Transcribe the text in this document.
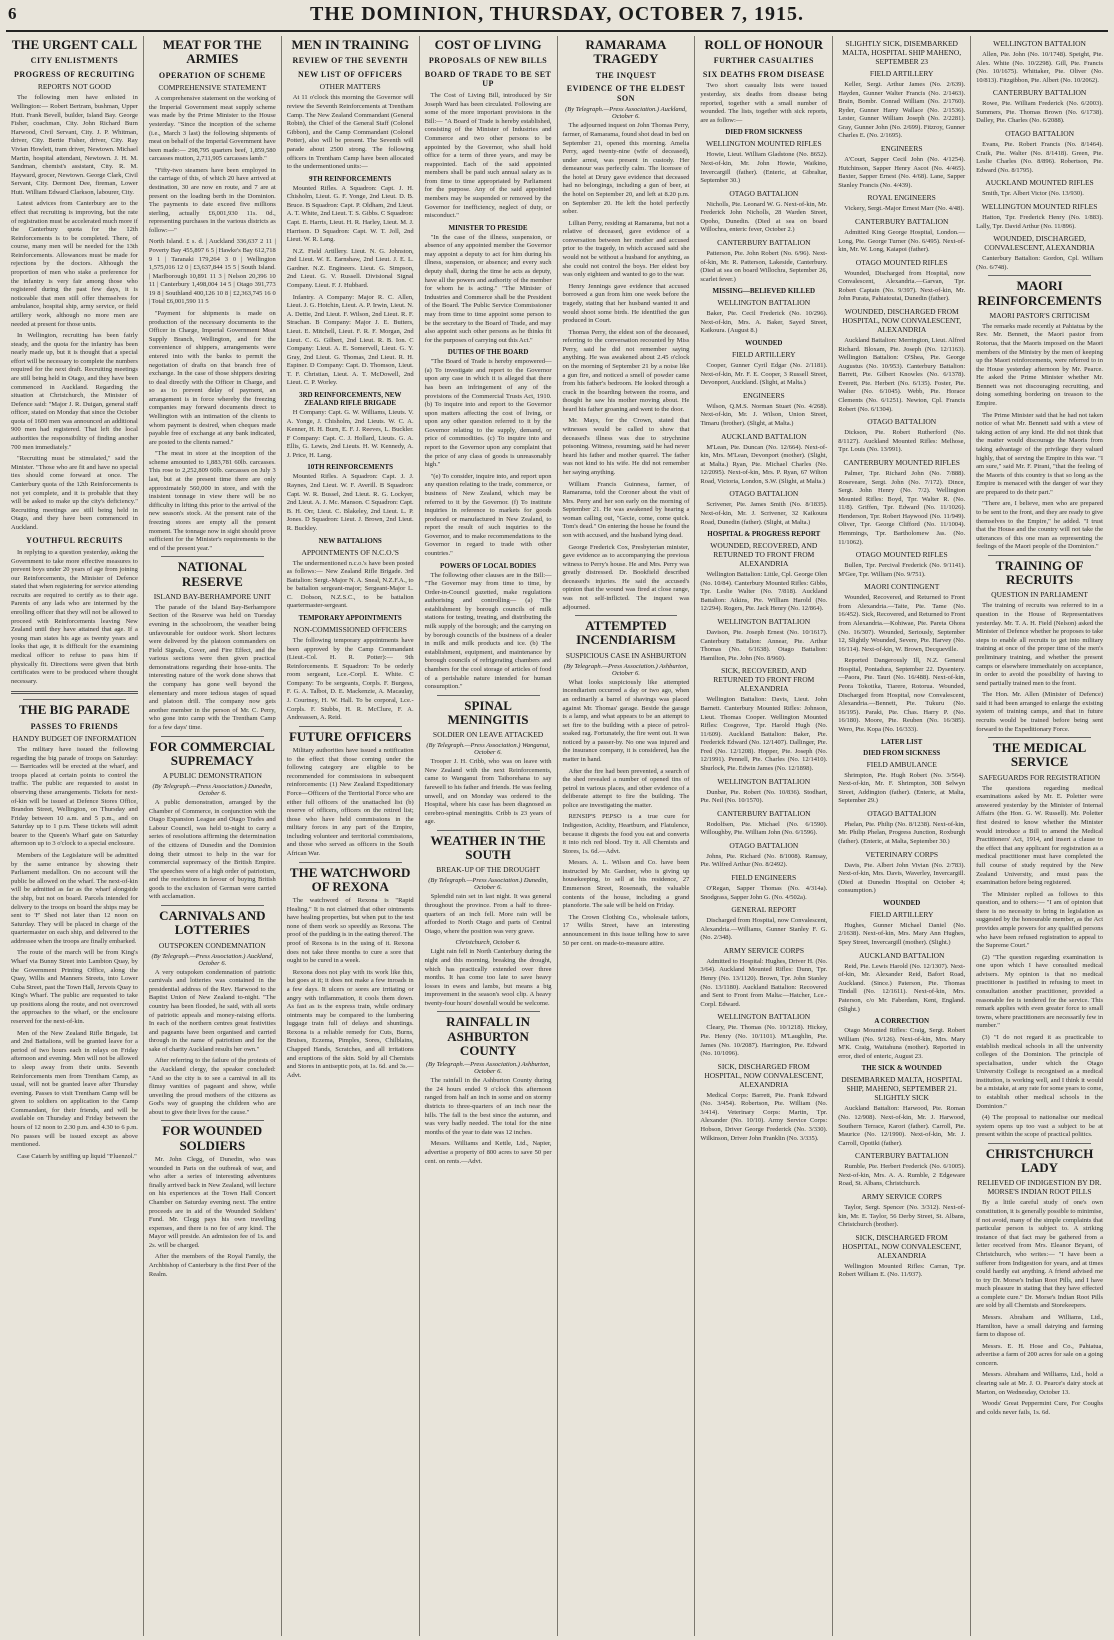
6	THE DOMINION, THURSDAY, OCTOBER 7, 1915.
THE URGENT CALL
CITY ENLISTMENTS
PROGRESS OF RECRUITING
REPORTS NOT GOOD
The following men have enlisted in Wellington:— Robert Bertram, bushman, Upper Hutt. Frank Bevell, builder, Island Bay. George Fisher, coachman, City. John Richard Burn Harwood, Civil Servant, City. J. P. Whitman, driver, City. Bertie Fisher, driver, City. Ray Vivian Howlett, tram driver, Newtown. Michael Martin, hospital attendant, Newtown. J. H. M. Sandman, chemist's assistant, City. R. M. Hayward, grocer, Newtown. George Clark, Civil Servant, City. Dermont Dee, fireman, Lower Hutt. William Edward Clarkson, labourer, City.
Latest advices from Canterbury are to the effect that recruiting is improving, but the rate of registration must be accelerated much more if the Canterbury quota for the 12th Reinforcements is to be completed. There, of course, many men will be needed for the 13th Reinforcements. Allowances must be made for rejections by the doctors. Although the proportion of men who stake a preference for the infantry is very fair among those who registered during the past few days, it is noticeable that men still offer themselves for ambulance, hospital ship, army service, or field artillery work, although no more men are needed at present for those units.
In Wellington, recruiting has been fairly steady, and the quota for the infantry has been nearly made up, but it is thought that a special effort will be necessary to complete the numbers required for the next draft. Recruiting meetings are still being held in Otago, and they have been commenced in Auckland. Regarding the situation at Christchurch, the Minister of Defence said: "Major J. R. Duigan, general staff officer, stated on Monday that since the October quota of 1600 men was announced an additional 900 men had registered. That left the local authorities the responsibility of finding another 700 men immediately."
"Recruiting must be stimulated," said the Minister. "Those who are fit and have no special ties should come forward at once. The Canterbury quota of the 12th Reinforcements is not yet complete, and it is probable that they will be asked to make up the city's deficiency." Recruiting meetings are still being held in Otago, and they have been commenced in Auckland.
YOUTHFUL RECRUITS
In replying to a question yesterday, asking the Government to take more effective measures to prevent boys under 20 years of age from joining our Reinforcements, the Minister of Defence stated that when registering for service attending recruits are required to certify as to their age. Parents of any lads who are intermed by the enrolling officer that they will not be allowed to proceed with Reinforcements leaving New Zealand until they have attained that age. If a young man states his age as twenty years and looks that age, it is difficult for the examining medical officer to refuse to pass him if physically fit. Directions were given that birth certificates were to be produced where thought necessary.
THE BIG PARADE
PASSES TO FRIENDS
HANDY BUDGET OF INFORMATION
The military have issued the following regarding the big parade of troops on Saturday:— Barricades will be erected at the wharf, and troops placed at certain points to control the traffic. The public are requested to assist in observing these arrangements. Tickets for next-of-kin will be issued at Defence Stores Office, Brandon Street, Wellington, on Thursday and Friday between 10 a.m. and 5 p.m., and on Saturday up to 1 p.m. These tickets will admit bearer to the Queen's Wharf gate on Saturday afternoon up to 3 o'clock to a special enclosure.
Members of the Legislature will be admitted by the same entrance by showing their Parliament medallion. On no account will the public be allowed on the wharf. The next-of-kin will be admitted as far as the wharf alongside the ship, but not on board. Parcels intended for delivery to the troops on board the ships may be sent to 'F' Shed not later than 12 noon on Saturday. They will be placed in charge of the quartermaster on each ship, and delivered to the addressee when the troops are finally embarked.
The route of the march will be from King's Wharf via Bunny Street into Lambton Quay, by the Government Printing Office, along the Quay, Willis and Manners Streets, into Lower Cuba Street, past the Town Hall, Jervois Quay to King's Wharf. The public are requested to take up positions along the route, and not overcrowd the approaches to the wharf, or the enclosure reserved for the next-of-kin.
Men of the New Zealand Rifle Brigade, 1st and 2nd Battalions, will be granted leave for a period of two hours each in relays on Friday afternoon and evening. Men will not be allowed to sleep away from their units. Seventh Reinforcements men from Trentham Camp, as usual, will not be granted leave after Thursday evening. Passes to visit Trentham Camp will be given to soldiers on application to the Camp Commandant, for their friends, and will be available on Thursday and Friday between the hours of 12 noon to 2.30 p.m. and 4.30 to 6 p.m. No passes will be issued except as above mentioned.
Case Catarrh by sniffing up liquid "Fluenzol."
MEAT FOR THE ARMIES
OPERATION OF SCHEME
COMPREHENSIVE STATEMENT
A comprehensive statement on the working of the Imperial Government meat supply scheme was made by the Prime Minister to the House yesterday. "Since the inception of the scheme (i.e., March 3 last) the following shipments of meat on behalf of the Imperial Government have been made:— 298,795 quarters beef, 1,859,580 carcasses mutton, 2,711,905 carcasses lamb."
"Fifty-two steamers have been employed in the carriage of this, of which 20 have arrived at destination, 30 are now en route, and 7 are at present on the loading berth in the Dominion. The payments to date exceed five millions sterling, actually £6,001,930 11s. 0d., representing purchases in the various districts as follow:—"
North Island. £ s. d. | Auckland 336,637 2 11 | Poverty Bay 455,897 6 5 | Hawke's Bay 612,718 9 1 | Taranaki 179,264 3 0 | Wellington 1,575,016 12 0 | £3,637,844 15 5 | South Island. | Marlborough 10,891 11 3 | Nelson 20,396 10 11 | Canterbury 1,498,004 14 5 | Otago 391,773 19 8 | Southland 400,126 10 8 | £2,363,745 16 0 | Total £6,001,590 11 5
"Payment for shipments is made on production of the necessary documents to the Officer in Charge, Imperial Government Meat Supply Branch, Wellington, and for the convenience of shippers, arrangements were entered into with the banks to permit the negotiation of drafts on that branch free of exchange. In the case of those shippers desiring to deal directly with the Officer in Charge, and so as to prevent delay of payment, an arrangement is in force whereby the freezing companies may forward documents direct to Wellington with an intimation of the clients to whom payment is desired, when cheques made payable free of exchange at any bank indicated, are posted to the clients named."
"The meat in store at the inception of the scheme amounted to 1,883,781 60lb. carcasses. This rose to 2,252,809 60lb. carcasses on July 3 last, but at the present time there are only approximately 560,000 in store, and with the insistent tonnage in view there will be no difficulty in lifting this prior to the arrival of the new season's stock. At the present rate of the freezing stores are empty all the present moment. The tonnage now in sight should prove sufficient for the Minister's requirements to the end of the present year."
NATIONAL RESERVE
ISLAND BAY-BERHAMPORE UNIT
The parade of the Island Bay-Berhampore Section of the Reserve was held on Tuesday evening in the schoolroom, the weather being unfavourable for outdoor work. Short lectures were delivered by the platoon commanders on Field Signals, Cover, and Fire Effect, and the various sections were then given practical demonstrations regarding their hose-units. The interesting nature of the work done shows that the company has gone well beyond the elementary and more tedious stages of squad and platoon drill. The company now gets another member in the person of Mr. C. Perry, who gone into camp with the Trentham Camp for a few days' time.
FOR COMMERCIAL SUPREMACY
A PUBLIC DEMONSTRATION
(By Telegraph.—Press Association.) Dunedin, October 6.
A public demonstration, arranged by the Chamber of Commerce, in conjunction with the Otago Expansion League and Otago Trades and Labour Council, was held to-night to carry a series of resolutions affirming the determination of the citizens of Dunedin and the Dominion doing their utmost to help in the war for commercial supremacy of the British Empire. The speeches were of a high order of patriotism, and the resolutions in favour of buying British goods to the exclusion of German were carried with acclamation.
CARNIVALS AND LOTTERIES
OUTSPOKEN CONDEMNATION
(By Telegraph.—Press Association.) Auckland, October 6.
A very outspoken condemnation of patriotic carnivals and lotteries was contained in the presidential address of the Rev. Harwood to the Baptist Union of New Zealand to-night. "The country has been flooded, he said, with all sorts of patriotic appeals and money-raising efforts. In each of the northern centres great festivities and pageants have been organised and carried through in the name of patriotism and for the sake of charity Auckland results her own."
After referring to the failure of the protests of the Auckland clergy, the speaker concluded: "And so the city is to see a carnival in all its flimsy vanities of pageant and show, while unveiling the proud mothers of the citizens as God's way of grasping the children who are about to give their lives for the cause."
FOR WOUNDED SOLDIERS
Mr. John Clegg, of Dunedin, who was wounded in Paris on the outbreak of war, and who after a series of interesting adventures finally arrived back in New Zealand, will lecture on his experiences at the Town Hall Concert Chamber on Saturday evening next. The entire proceeds are in aid of the Wounded Soldiers' Fund. Mr. Clegg pays his own travelling expenses, and there is no fee of any kind. The Mayor will preside. An admission fee of 1s. and 2s. will be charged.
After the members of the Royal Family, the Archbishop of Canterbury is the first Peer of the Realm.
MEN IN TRAINING
REVIEW OF THE SEVENTH
NEW LIST OF OFFICERS
OTHER MATTERS
At 11 o'clock this morning the Governor will review the Seventh Reinforcements at Trentham Camp. The New Zealand Commandant (General Robin), the Chief of the General Staff (Colonel Gibbon), and the Camp Commandant (Colonel Potter), also will be present. The Seventh will parade about 2500 strong. The following officers in Trentham Camp have been allocated to the undermentioned units:—
9TH REINFORCEMENTS
Mounted Rifles. A Squadron: Capt. J. H. Chisholm, Lieut. G. F. Yonge, 2nd Lieut. D. B. Bruce. B Squadron: Capt. P. Oldham, 2nd Lieut. A. T. White, 2nd Lieut. T. S. Gibbs. C Squadron: Capt. E. Harris, Lieut. H. R. Harley, Lieut. M. J. Harrison. D Squadron: Capt. W. T. Joll, 2nd Lieut. W. R. Lang.
N.Z. Field Artillery. Lieut. N. G. Johnston, 2nd Lieut. W. E. Earnshaw, 2nd Lieut. J. E. L. Gardner. N.Z. Engineers. Lieut. G. Simpson, 2nd Lieut. G. V. Russell. Divisional Signal Company. Lieut. F. J. Hubbard.
Infantry. A Company: Major R. C. Allen, Lieut. J. G. Hotchin, Lieut. A. P. Irwin, Lieut. N. A. Dettie, 2nd Lieut. F. Wilson, 2nd Lieut. R. F. Strachan. B Company: Major J. E. Butters, Lieut. E. Mitchell, Lieut. F. R. F. Morgan, 2nd Lieut. C. G. Gilbert, 2nd Lieut. R. B. Ion. C Company: Lieut. A. E. Somervell, Lieut. G. Y. Gray, 2nd Lieut. G. Thomas, 2nd Lieut. R. H. Espiner. D Company: Capt. D. Thomson, Lieut. T. F. Christian, Lieut. A. T. McDowell, 2nd Lieut. C. P. Worley.
3RD REINFORCEMENTS, NEW ZEALAND RIFLE BRIGADE
H Company: Capt. G. W. Williams, Lieuts. V. A. Yonge, J. Chisholm, 2nd Lieuts. W. C. A. Kenner, H. H. Burn, E. F. J. Reeves, L. Buckler. F Company: Capt. C. J. Hollard, Lieuts. G. A. Ellis, G. Lewis, 2nd Lieuts. H. W. Kennedy, A. J. Price, H. Lang.
10TH REINFORCEMENTS
Mounted Rifles. A Squadron: Capt. J. J. Raynes, 2nd Lieut. W. F. Averill. B Squadron: Capt. W. R. Bussel, 2nd Lieut. R. G. Lockyer, 2nd Lieut. A. J. Mc. Manson. C Squadron: Capt. B. H. Orr, Lieut. C. Blakeley, 2nd Lieut. L. P. Jones. D Squadron: Lieut. J. Brown, 2nd Lieut. R. Buckley.
NEW BATTALIONS
APPOINTMENTS OF N.C.O.'S
The undermentioned n.c.o.'s have been posted as follows:— New Zealand Rifle Brigade. 3rd Battalion: Sergt.-Major N. A. Sneal, N.Z.F.A., to be battalion sergeant-major; Sergeant-Major L. C. Dobson, N.Z.S.C., to be battalion quartermaster-sergeant.
TEMPORARY APPOINTMENTS
NON-COMMISSIONED OFFICERS
The following temporary appointments have been approved by the Camp Commandant (Lieut.-Col. H. R. Potter):— 9th Reinforcements. E Squadron: To be orderly room sergeant, Lce.-Corpl. E. White. C Company: To be sergeants, Corpls. F. Burgess, F. G. A. Talbot, D. E. Mackenzie, A. Macaulay, J. Courtney, H. W. Hall. To be corporal, Lce.-Corpls. F. Stubbs, H. R. McClure, F. A. Andreassen, A. Reid.
FUTURE OFFICERS
Military authorities have issued a notification to the effect that those coming under the following category are eligible to be recommended for commissions in subsequent reinforcements: (1) New Zealand Expeditionary Force—Officers of the Territorial Force who are either full officers of the unattached list (b) reserve of officers, officers on the retired list; those who have held commissions in the military forces in any part of the Empire, including volunteer and territorial commissions, and those who served as officers in the South African War.
THE WATCHWORD OF REXONA
The watchword of Rexona is "Rapid Healing." It is not claimed that other ointments have healing properties, but when put to the test none of them work so speedily as Rexona. The proof of the pudding is in the eating thereof. The proof of Rexona is in the using of it. Rexona does not take three months to cure a sore that ought to be cured in a week.
Rexona does not play with its work like this, but goes at it; it does not make a few inroads in a few days. It ulcers or sores are irritating or angry with inflammation, it cools them down. As fast as is the express train, while ordinary ointments may be compared to the lumbering luggage train full of delays and shuntings. Rexona is a reliable remedy for Cuts, Burns, Bruises, Eczema, Pimples, Sores, Chilblains, Chapped Hands, Scratches, and all irritations and eruptions of the skin. Sold by all Chemists and Stores in antiseptic pots, at 1s. 6d. and 3s.—Advt.
COST OF LIVING
PROPOSALS OF NEW BILLS
BOARD OF TRADE TO BE SET UP
The Cost of Living Bill, introduced by Sir Joseph Ward has been circulated. Following are some of the more important provisions in the Bill:— "A Board of Trade is hereby established, consisting of the Minister of Industries and Commerce and two other persons to be appointed by the Governor, who shall hold office for a term of three years, and may be reappointed. Each of the said appointed members shall be paid such annual salary as is from time to time appropriated by Parliament for the purpose. Any of the said appointed members may be suspended or removed by the Governor for inefficiency, neglect of duty, or misconduct."
MINISTER TO PRESIDE
"In the case of the illness, suspension, or absence of any appointed member the Governor may appoint a deputy to act for him during his illness, suspension, or absence; and every such deputy shall, during the time he acts as deputy, have all the powers and authority of the member for whom he is acting." "The Minister of Industries and Commerce shall be the President of the Board. The Public Service Commissioner may from time to time appoint some person to be the secretary to the Board of Trade, and may also appoint such other persons as he thinks fit for the purposes of carrying out this Act."
DUTIES OF THE BOARD
"The Board of Trade is hereby empowered— (a) To investigate and report to the Governor upon any case in which it is alleged that there has been an infringement of any of the provisions of the Commercial Trusts Act, 1910. (b) To inquire into and report to the Governor upon matters affecting the cost of living, or upon any other question referred to it by the Governor relating to the supply, demand, or price of commodities. (c) To inquire into and report to the Governor upon any complaint that the price of any class of goods is unreasonably high."
"(e) To consider, inquire into, and report upon any question relating to the trade, commerce, or business of New Zealand, which may be referred to it by the Governor. (f) To institute inquiries in reference to markets for goods produced or manufactured in New Zealand, to report the result of such inquiries to the Governor, and to make recommendations to the Governor in regard to trade with other countries."
POWERS OF LOCAL BODIES
The following other clauses are in the Bill:— "The Governor may from time to time, by Order-in-Council gazetted, make regulations authorising and controlling— (a) The establishment by borough councils of milk stations for testing, treating, and distributing the milk supply of the borough; and the carrying on by borough councils of the business of a dealer in milk and milk products and ice. (b) The establishment, equipment, and maintenance by borough councils of refrigerating chambers and chambers for the cool storage of articles of food of a perishable nature intended for human consumption."
SPINAL MENINGITIS
SOLDIER ON LEAVE ATTACKED
(By Telegraph.—Press Association.) Wanganui, October 6.
Trooper J. H. Cribb, who was on leave with New Zealand with the next Reinforcements, came to Wanganui from Taihorehana to say farewell to his father and friends. He was feeling unwell, and on Monday was ordered to the Hospital, where his case has been diagnosed as cerebro-spinal meningitis. Cribb is 23 years of age.
WEATHER IN THE SOUTH
BREAK-UP OF THE DROUGHT
(By Telegraph.—Press Association.) Dunedin, October 6.
Splendid rain set in last night. It was general throughout the province. From a half to three-quarters of an inch fell. More rain will be afforded to North Otago and parts of Central Otago, where the position was very grave.
Christchurch, October 6.
Light rain fell in North Canterbury during the night and this morning, breaking the drought, which has practically extended over three months. It has come too late to save heavy losses in ewes and lambs, but means a big improvement in the season's wool clip. A heavy twenty-four hours' downfall would be welcome.
RAINFALL IN ASHBURTON COUNTY
(By Telegraph.—Press Association.) Ashburton, October 6.
The rainfall in the Ashburton County during the 24 hours ended 9 o'clock this afternoon ranged from half an inch in some and on stormy districts to three-quarters of an inch near the hills. The fall is the best since the autumn, and was very badly needed. The total for the nine months of the year to date was 12 inches.
Messrs. Williams and Kettle, Ltd., Napier, advertise a property of 800 acres to save 50 per cent. on rents.—Advt.
RAMARAMA TRAGEDY
THE INQUEST
EVIDENCE OF THE ELDEST SON
(By Telegraph.—Press Association.) Auckland, October 6.
The adjourned inquest on John Thomas Perry, farmer, of Ramarama, found shot dead in bed on September 21, opened this morning. Amelia Perry, aged twenty-nine (wife of deceased), under arrest, was present in custody. Her demeanour was perfectly calm. The licensee of the hotel at Drury gave evidence that deceased had no belongings, including a gun of beer, at the hotel on September 20, and left at 8.20 p.m. on September 20. He left the hotel perfectly sober.
Lillian Perry, residing at Ramarama, but not a relative of deceased, gave evidence of a conversation between her mother and accused prior to the tragedy, in which accused said she would not be without a husband for anything, as she could not control the boys. Her eldest boy was only eighteen and wanted to go to the war.
Henry Jennings gave evidence that accused borrowed a gun from him one week before the tragedy, stating that her husband wanted it and would shoot some birds. He identified the gun produced in Court.
Thomas Perry, the eldest son of the deceased, referring to the conversation recounted by Miss Perry, said he did not remember saying anything. He was awakened about 2.45 o'clock on the morning of September 21 by a noise like a gun fire, and noticed a smell of powder came from his father's bedroom. He looked through a crack in the boarding between the rooms, and thought he saw his mother moving about. He heard his father groaning and went to the door.
Mr. Mays, for the Crown, stated that witnesses would be called to show that deceased's illness was due to strychnine poisoning. Witness, resuming, said he had never heard his father and mother quarrel. The father was not kind to his wife. He did not remember her saying anything.
William Francis Guinness, farmer, of Ramarama, told the Coroner about the visit of Mrs. Perry and her son early on the morning of September 21. He was awakened by hearing a woman calling out, "Gecie, come, come quick. Tom's dead." On entering the house he found the son with accused, and the husband lying dead.
George Frederick Cox, Presbyterian minister, gave evidence as to accompanying the previous witness to Perry's house. He and Mrs. Perry was greatly distressed. Dr. Bookfield described deceased's injuries. He said the accused's opinion that the wound was fired at close range, was not self-inflicted. The inquest was adjourned.
ATTEMPTED INCENDIARISM
SUSPICIOUS CASE IN ASHBURTON
(By Telegraph.—Press Association.) Ashburton, October 6.
What looks suspiciously like attempted incendiarism occurred a day or two ago, when an ordinarily a barrel of shavings was placed against Mr. Thomas' garage. Beside the garage is a lamp, and what appears to be an attempt to set fire to the building with a piece of petrol-soaked rag. Fortunately, the fire went out. It was noticed by a passer-by. No one was injured and the insurance company, it is considered, has the matter in hand.
After the fire had been prevented, a search of the shed revealed a number of opened tins of petrol in various places, and other evidence of a deliberate attempt to fire the building. The police are investigating the matter.
RENSIP'S PEPSO is a true cure for Indigestion, Acidity, Heartburn, and Flatulence, because it digests the food you eat and converts it into rich red blood. Try it. All Chemists and Stores, 1s. 6d.—Advt.
Messrs. A. L. Wilson and Co. have been instructed by Mr. Gardner, who is giving up housekeeping, to sell at his residence, 27 Emmerson Street, Roseneath, the valuable contents of the house, including a grand pianoforte. The sale will be held on Friday.
The Crown Clothing Co., wholesale tailors, 17 Willis Street, have an interesting announcement in this issue telling how to save 50 per cent. on made-to-measure attire.
ROLL OF HONOUR
FURTHER CASUALTIES
SIX DEATHS FROM DISEASE
Two short casualty lists were issued yesterday, six deaths from disease being reported, together with a small number of wounded. The lists, together with sick reports, are as follow:—
DIED FROM SICKNESS
WELLINGTON MOUNTED RIFLES
Howie, Lieut. William Gladstone (No. 8652). Next-of-kin, Mr. John Howie, Waikino, Invercargill (father). (Enteric, at Gibraltar, September 30.)
OTAGO BATTALION
Nicholls, Pte. Leonard W. G. Next-of-kin, Mr. Frederick John Nicholls, 28 Warden Street, Opoho, Dunedin. (Died at sea on board Willochra, enteric fever, October 2.)
CANTERBURY BATTALION
Patterson, Pte. John Robert (No. 6/96). Next-of-kin, Mr. R. Patterson, Lakeside, Canterbury. (Died at sea on board Willochra, September 26, scarlet fever.)
MISSING—BELIEVED KILLED
WELLINGTON BATTALION
Baker, Pte. Cecil Frederick (No. 10/296). Next-of-kin, Mrs. A. Baker, Sayed Street, Kaikoura. (August 8.)
WOUNDED
FIELD ARTILLERY
Cooper, Gunner Cyril Edgar (No. 2/1181). Next-of-kin, Mr. F. E. Cooper, 3 Russell Street, Devonport, Auckland. (Slight, at Malta.)
ENGINEERS
Wilson, Q.M.S. Norman Stuart (No. 4/268). Next-of-kin, Mr. J. Wilson, Union Street, Timaru (brother). (Slight, at Malta.)
AUCKLAND BATTALION
M'Lean, Pte. Duncan (No. 12/664). Next-of-kin, Mrs. M'Lean, Devonport (mother). (Slight, at Malta.) Ryan, Pte. Michael Charles (No. 12/2095). Next-of-kin, Mrs. P. Ryan, 67 Wilton Road, Victoria, London, S.W. (Slight, at Malta.)
OTAGO BATTALION
Scrivener, Pte. James Smith (No. 8/1835). Next-of-kin, Mr. J. Scrivener, 32 Kaikoura Road, Dunedin (father). (Slight, at Malta.)
HOSPITAL & PROGRESS REPORT
WOUNDED, RECOVERED, AND RETURNED TO FRONT FROM ALEXANDRIA
Wellington Battalion: Little, Cpl. George Olen (No. 10/84). Canterbury Mounted Rifles: Gibbs, Tpr. Leslie Walter (No. 7/818). Auckland Battalion: Atkins, Pte. William Harold (No. 12/294). Rogers, Pte. Jack Henry (No. 12/864).
WELLINGTON BATTALION
Davison, Pte. Joseph Ernest (No. 10/1617). Canterbury Battalion: Annear, Pte. Arthur Thomas (No. 6/1638). Otago Battalion: Hamilton, Pte. John (No. 8/960).
SICK, RECOVERED, AND RETURNED TO FRONT FROM ALEXANDRIA
Wellington Battalion: Davis, Lieut. John Barnett. Canterbury Mounted Rifles: Johnson, Lieut. Thomas Cooper. Wellington Mounted Rifles: Cosgrove, Tpr. Harold Hugh (No. 11/609). Auckland Battalion: Baker, Pte. Frederick Edward (No. 12/1407). Dallinger, Pte. Fred (No. 12/1208). Hopper, Pte. Joseph (No. 12/1991). Pennell, Pte. Charles (No. 12/1410). Shurlock, Pte. Edwin James (No. 12/1898).
WELLINGTON BATTALION
Dunbar, Pte. Robert (No. 10/836). Stodhart, Pte. Neil (No. 10/1570).
CANTERBURY BATTALION
Rodolfsen, Pte. Michael (No. 6/1590). Willoughby, Pte. William John (No. 6/1596).
OTAGO BATTALION
Johns, Pte. Richard (No. 8/1008). Ramsay, Pte. Wilfred Arthur (No. 8/2492).
FIELD ENGINEERS
O'Regan, Sapper Thomas (No. 4/314a). Snodgrass, Sapper John G. (No. 4/502a).
GENERAL REPORT
Discharged from Hospital, now Convalescent, Alexandria.—Williams, Gunner Stanley F. G. (No. 2/348).
ARMY SERVICE CORPS
Admitted to Hospital: Hughes, Driver H. (No. 3/64). Auckland Mounted Rifles: Dunn, Tpr. Henry (No. 13/1120). Brown, Tpr. John Stanley (No. 13/1180). Auckland Battalion: Recovered and Sent to Front from Malta:—Hatcher, Lce.-Corpl. Edward.
WELLINGTON BATTALION
Cleary, Pte. Thomas (No. 10/1218). Hickey, Pte. Henry (No. 10/1101). M'Laughlin, Pte. James (No. 10/2087). Harrington, Pte. Edward (No. 10/1096).
SICK, DISCHARGED FROM HOSPITAL, NOW CONVALESCENT, ALEXANDRIA
Medical Corps: Barrett, Pte. Frank Edward (No. 3/454). Robertson, Pte. William (No. 3/414). Veterinary Corps: Martin, Tpr. Alexander (No. 10/10). Army Service Corps: Hobson, Driver George Frederick (No. 3/330). Wilkinson, Driver John Franklin (No. 3/335).
SLIGHTLY SICK, DISEMBARKED MALTA, HOSPITAL SHIP MAHENO, SEPTEMBER 23
FIELD ARTILLERY
Keller, Sergt. Arthur James (No. 2/639). Hayden, Gunner Walter Francis (No. 2/1463). Brain, Bombr. Conrad William (No. 2/1760). Ryder, Gunner Harry Wallace (No. 2/1536). Lester, Gunner William Joseph (No. 2/2281). Gray, Gunner John (No. 2/699). Fitzroy, Gunner Charles E. (No. 2/1695).
ENGINEERS
A'Court, Sapper Cecil John (No. 4/1254). Hutchinson, Sapper Henry Ascot (No. 4/465). Baxter, Sapper Ernest (No. 4/68). Lane, Sapper Stanley Francis (No. 4/439).
ROYAL ENGINEERS
Vickery, Sergt.-Major Ernest Marr (No. 4/48).
CANTERBURY BATTALION
Admitted King George Hospital, London.—Long, Pte. George Turner (No. 6/495). Next-of-kin, Mr. W. Long, Kaiapoi (father).
OTAGO MOUNTED RIFLES
Wounded, Discharged from Hospital, now Convalescent, Alexandria.—Garvan, Tpr. Robert Captain (No. 9/397). Next-of-kin, Mr. John Purata, Pahiatoutai, Dunedin (father).
WOUNDED, DISCHARGED FROM HOSPITAL, NOW CONVALESCENT, ALEXANDRIA
Auckland Battalion: Merrington, Lieut. Alfred Richard. Bloxam, Pte. Joseph (No. 12/1163). Wellington Battalion: O'Shea, Pte. George Augustus (No. 10/953). Canterbury Battalion: Barrett, Pte. Gilbert Knowles (No. 6/1378). Everett, Pte. Herbert (No. 6/135). Foster, Pte. Walter (No. 6/1045). Webb, Pte. Horace Clements (No. 6/1251). Newton, Cpl. Francis Robert (No. 6/1304).
OTAGO BATTALION
Dickson, Pte. Robert Rutherford (No. 8/1127). Auckland Mounted Rifles: Melhose, Tpr. Louis (No. 13/991).
CANTERBURY MOUNTED RIFLES
Palmer, Tpr. Richard John (No. 7/888). Roseveare, Sergt. John (No. 7/172). Dince, Sergt. John Henry (No. 7/2). Wellington Mounted Rifles: Boyd, Tpr. Walter R. (No. 11/8). Griffen, Tpr. Edward (No. 11/1026). Henderson, Tpr. Robert Haywood (No. 11/949). Oliver, Tpr. George Clifford (No. 11/1004). Hemmings, Tpr. Bartholomew Jas. (No. 11/1062).
OTAGO MOUNTED RIFLES
Bullen, Tpr. Percival Frederick (No. 9/1141). M'Gee, Tpr. William (No. 9/751).
MAORI CONTINGENT
Wounded, Recovered, and Returned to Front from Alexandria.—Taite, Pte. Tame (No. 16/452). Sick, Recovered, and Returned to Front from Alexandria.—Kohiwae, Pte. Pareta Ohora (No. 16/307). Wounded, Seriously, September 12, Slightly Wounded, Severe, Pte. Harvey (No. 16/114). Next-of-kin, W. Brown, Decqueville.
Reported Dangerously Ill, N.Z. General Hospital, Pontadura, September 22. Dysentery.—Paora, Pte. Tauri (No. 16/488). Next-of-kin, Peora Tokotika, Tiarere, Rotorua. Wounded, Discharged from Hospital, now Convalescent, Alexandria.—Bennett, Pte. Tukuru (No. 16/195). Paraki, Pte. Chas. Harry P. (No. 16/180). Moore, Pte. Reuben (No. 16/385). Wero, Pte. Kopa (No. 16/333).
LATER LIST
DIED FROM SICKNESS
FIELD AMBULANCE
Shrimpton, Pte. Hugh Robert (No. 3/564). Next-of-kin, Mr. F. Shrimpton, 308 Selwyn Street, Addington (father). (Enteric, at Malta, September 29.)
OTAGO BATTALION
Phelan, Pte. Philip (No. 8/1238). Next-of-kin, Mr. Philip Phelan, Progress Junction, Roxburgh (father). (Enteric, at Malta, September 30.)
VETERINARY CORPS
Davis, Pte. Albert John Vivian (No. 2/783). Next-of-kin, Mrs. Davis, Waverley, Invercargill. (Died at Dunedin Hospital on October 4; consumption.)
WOUNDED
FIELD ARTILLERY
Hughes, Gunner Michael Daniel (No. 2/1638). Next-of-kin, Mrs. Mary Ann Hughes, Spey Street, Invercargill (mother). (Slight.)
AUCKLAND BATTALION
Reid, Pte. Lewis Harold (No. 12/1307). Next-of-kin, Mr. Alexander Reid, Bafort Road, Auckland. (Since.) Paterson, Pte. Thomas Tindall (No. 12/1611). Next-of-kin, Mrs. Paterson, c/o Mr. Faberdam, Kent, England. (Slight.)
A CORRECTION
Otago Mounted Rifles: Craig, Sergt. Robert William (No. 9/126). Next-of-kin, Mrs. Mary M'K. Craig, Waitahuna (mother). Reported in error, died of enteric, August 23.
THE SICK & WOUNDED
DISEMBARKED MALTA, HOSPITAL SHIP, MAHENO, SEPTEMBER 21. SLIGHTLY SICK
Auckland Battalion: Harwood, Pte. Roman (No. 12/908). Next-of-kin, Mr. J. Harwood, Southern Terrace, Karori (father). Carroll, Pte. Maurice (No. 12/1990). Next-of-kin, Mr. J. Carroll, Opotiki (father).
CANTERBURY BATTALION
Rumble, Pte. Herbert Frederick (No. 6/1005). Next-of-kin, Mrs. A. A. Rumble, 2 Edgeware Road, St. Albans, Christchurch.
ARMY SERVICE CORPS
Taylor, Sergt. Spencer (No. 3/312). Next-of-kin, Mr. E. Taylor, 56 Derby Street, St. Albans, Christchurch (brother).
SICK, DISCHARGED FROM HOSPITAL, NOW CONVALESCENT, ALEXANDRIA
Wellington Mounted Rifles: Carran, Tpr. Robert William E. (No. 11/937).
WELLINGTON BATTALION
Allen, Pte. John (No. 10/1748). Speight, Pte. Alex. White (No. 10/2298). Gill, Pte. Francis (No. 10/1675). Whittaker, Pte. Oliver (No. 10/813). Fitzgibbon, Pte. Albert (No. 10/2062).
CANTERBURY BATTALION
Rowe, Pte. William Frederick (No. 6/2003). Summers, Pte. Thomas Brown (No. 6/1738). Dalley, Pte. Charles (No. 6/2088).
OTAGO BATTALION
Evans, Pte. Robert Francis (No. 8/1464). Craik, Pte. Walter (No. 8/1418). Green, Pte. Leslie Charles (No. 8/896). Robertson, Pte. Edward (No. 8/1795).
AUCKLAND MOUNTED RIFLES
Smith, Tpr. Albert Victor (No. 13/930).
WELLINGTON MOUNTED RIFLES
Hatton, Tpr. Frederick Henry (No. 1/883). Lally, Tpr. David Arthur (No. 11/896).
WOUNDED, DISCHARGED, CONVALESCENT, ALEXANDRIA
Canterbury Battalion: Gordon, Cpl. William (No. 6/748).
MAORI REINFORCEMENTS
MAORI PASTOR'S CRITICISM
The remarks made recently at Pahiatua by the Rev. Mr. Bennett, the Maori pastor from Rotorua, that the Maoris imposed on the Maori members of the Ministry by the men of keeping up the Maori reinforcements, were referred to in the House yesterday afternoon by Mr. Pearce. He asked the Prime Minister whether Mr. Bennett was not discouraging recruiting, and doing something bordering on treason to the Empire.
The Prime Minister said that he had not taken notice of what Mr. Bennett said with a view of taking action of any kind. He did not think that the matter would discourage the Maoris from taking advantage of the privilege they valued highly, that of serving the Empire in this war. "I am sure," said Mr. F. Pirani, "that the feeling of the Maoris of this country is that so long as the Empire is menaced with the danger of war they are prepared to do their part."
"There are, I believe, men who are prepared to be sent to the front, and they are ready to give themselves to the Empire," he added. "I trust that the House and the country will not take the utterances of this one man as representing the feelings of the Maori people of the Dominion."
TRAINING OF RECRUITS
QUESTION IN PARLIAMENT
The training of recruits was referred to in a question in the House of Representatives yesterday. Mr. T. A. H. Field (Nelson) asked the Minister of Defence whether he proposes to take steps to enable all recruits to get into military training at once of the proper time of the men's preliminary training, and whether the present camps or elsewhere immediately on acceptance, in order to avoid the possibility of having to send partially trained men to the front.
The Hon. Mr. Allen (Minister of Defence) said it had been arranged to enlarge the existing system of training camps, and that in future recruits would be trained before being sent forward to the Expeditionary Force.
THE MEDICAL SERVICE
SAFEGUARDS FOR REGISTRATION
The questions regarding medical examinations asked by Mr. E. Poletter were answered yesterday by the Minister of Internal Affairs (the Hon. G. W. Russell). Mr. Poletter first desired to know whether the Minister would introduce a Bill to amend the Medical Practitioners' Act, 1914, and insert a clause to the effect that any applicant for registration as a medical practitioner must have completed the full course of study required by the New Zealand University, and must pass the examination before being registered.
The Minister replied as follows to this question, and to others:— "I am of opinion that there is no necessity to bring in legislation as suggested by the honourable member, as the Act provides ample powers for any qualified persons who have been refused registration to appeal to the Supreme Court."
(2) "The question regarding examination is one upon which I have consulted medical advisers. My opinion is that no medical practitioner is justified in refusing to meet in consultation another practitioner, provided a reasonable fee is tendered for the service. This remark applies with even greater force to small towns, where practitioners are necessarily few in number."
(3) "I do not regard it as practicable to establish medical schools in all the university colleges of the Dominion. The principle of specialisation, under which the Otago University College is recognised as a medical institution, is working well, and I think it would be a mistake, at any rate for some years to come, to establish other medical schools in the Dominion."
(4) The proposal to nationalise our medical system opens up too vast a subject to be at present within the scope of practical politics.
CHRISTCHURCH LADY
RELIEVED OF INDIGESTION BY DR. MORSE'S INDIAN ROOT PILLS
By a little careful study of one's own constitution, it is generally possible to minimise, if not avoid, many of the simple complaints that particular person is subject to. A striking instance of that fact may be gathered from a letter received from Mrs. Eleanor Bryant, of Christchurch, who writes:— "I have been a sufferer from Indigestion for years, and at times could hardly eat anything. A friend advised me to try Dr. Morse's Indian Root Pills, and I have much pleasure in stating that they have effected a complete cure." Dr. Morse's Indian Root Pills are sold by all Chemists and Storekeepers.
Messrs. Abraham and Williams, Ltd., Hamilton, have a small dairying and farming farm to dispose of.
Messrs. E. H. Hose and Co., Pahiatua, advertise a farm of 200 acres for sale on a going concern.
Messrs. Abraham and Williams, Ltd., hold a clearing sale at Mr. J. O. Pearce's dairy stock at Marton, on Wednesday, October 13.
Woods' Great Peppermint Cure, For Coughs and colds never fails, 1s. 6d.
